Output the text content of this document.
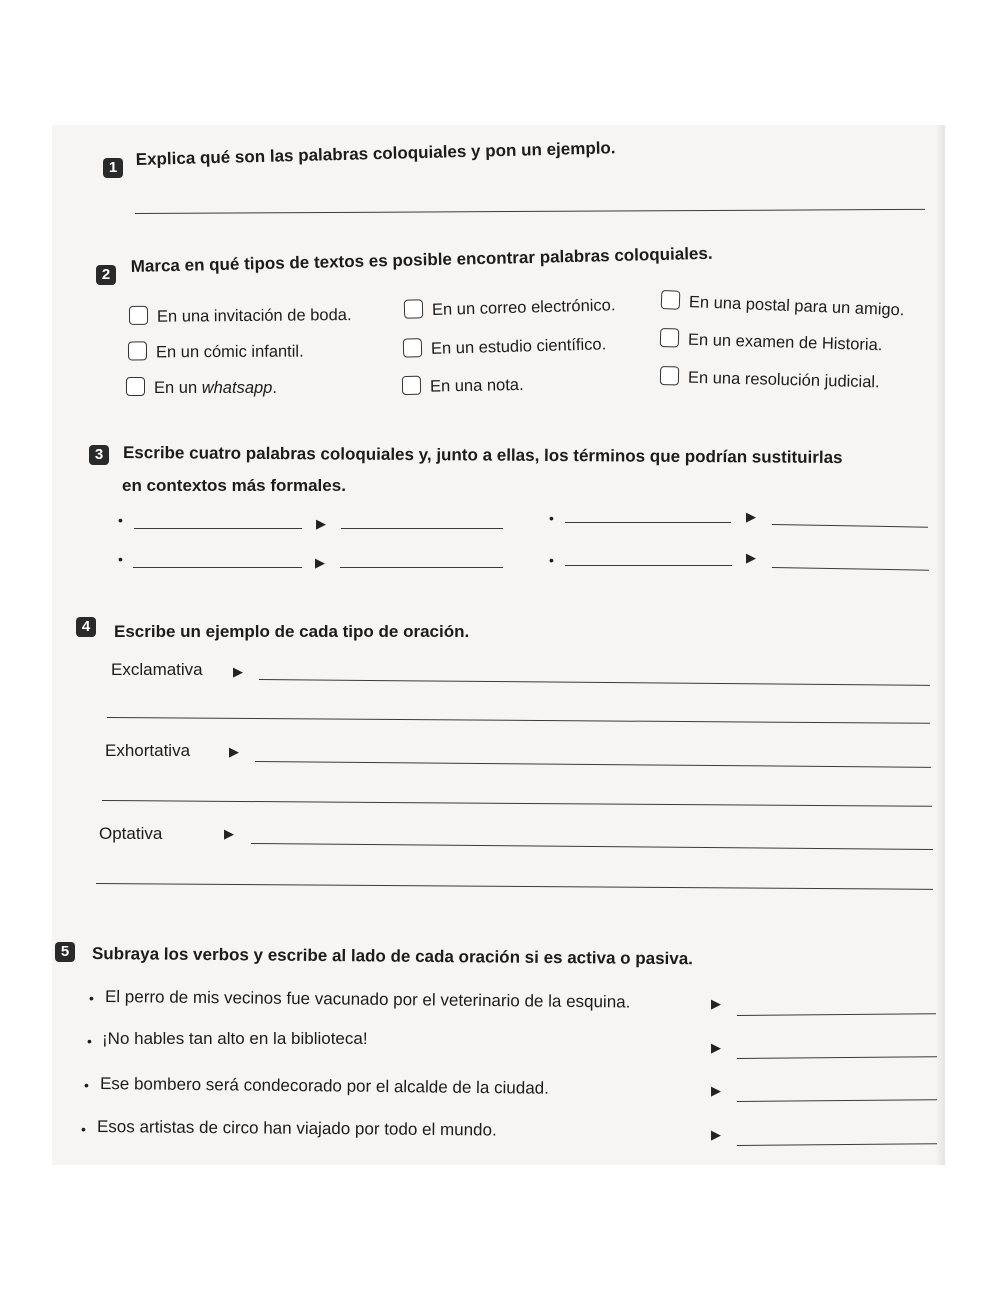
1	Explica qué son las palabras coloquiales y pon un ejemplo.
2	Marca en qué tipos de textos es posible encontrar palabras coloquiales.
En una invitación de boda.	En un correo electrónico.	En una postal para un amigo.
En un cómic infantil.	En un estudio científico.	En un examen de Historia.
En un whatsapp.	En una nota.	En una resolución judicial.
3	Escribe cuatro palabras coloquiales y, junto a ellas, los términos que podrían sustituirlas
en contextos más formales.
•	▶	•	▶
•	▶	•	▶
4	Escribe un ejemplo de cada tipo de oración.
Exclamativa ▶
Exhortativa	▶
Optativa	▶
5	Subraya los verbos y escribe al lado de cada oración si es activa o pasiva.
• El perro de mis vecinos fue vacunado por el veterinario de la esquina.	▶
• ¡No hables tan alto en la biblioteca!	▶
• Ese bombero será condecorado por el alcalde de la ciudad.	▶
• Esos artistas de circo han viajado por todo el mundo.	▶
